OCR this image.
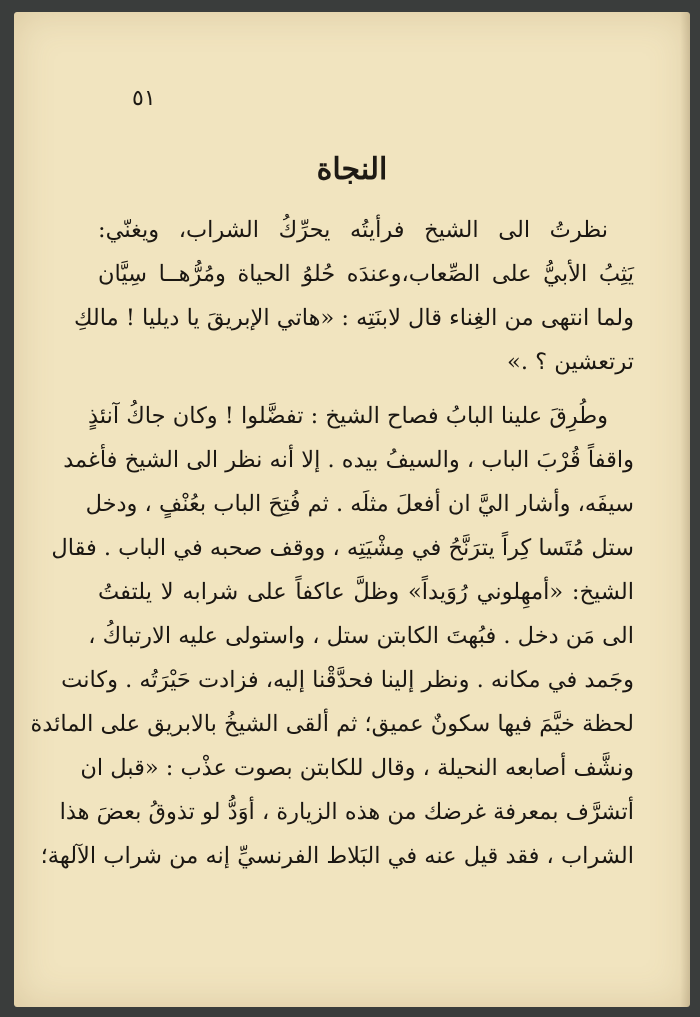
٥١
النجاة
نظرتُ الى الشيخ فرأيتُه يحرِّكُ الشراب، ويغنّي:
يَثِبُ الأبيُّ على الصِّعاب،وعندَه حُلوُ الحياة ومُرُّهــا سِيَّان
ولما انتهى من الغِناء قال لابنَتِه : «هاتي الإبريقَ يا ديليا ! مالكِ
ترتعشين ؟ .»
وطُرِقَ علينا البابُ فصاح الشيخ : تفضَّلوا ! وكان جاكُ آنئذٍ
واقفاً قُرْبَ الباب ، والسيفُ بيده . إلا أنه نظر الى الشيخ فأغمد
سيفَه، وأشار اليَّ ان أفعلَ مثلَه . ثم فُتِحَ الباب بعُنْفٍ ، ودخل
ستل مُتَسا كِراً يترَنَّحُ في مِشْيَتِه ، ووقف صحبه في الباب . فقال
الشيخ: «أمهِلوني رُوَيداً» وظلَّ عاكفاً على شرابه لا يلتفتُ
الى مَن دخل . فبُهتَ الكابتن ستل ، واستولى عليه الارتباكُ ،
وجَمد في مكانه . ونظر إلينا فحدَّقْنا إليه، فزادت حَيْرَتُه . وكانت
لحظة خيَّمَ فيها سكونٌ عميق؛ ثم ألقى الشيخُ بالابريق على المائدة
ونشَّف أصابعه النحيلة ، وقال للكابتن بصوت عذْب : «قبل ان
أتشرَّف بمعرفة غرضك من هذه الزيارة ، أوَدُّ لو تذوقُ بعضَ هذا
الشراب ، فقد قيل عنه في البَلاط الفرنسيِّ إنه من شراب الآلهة؛
